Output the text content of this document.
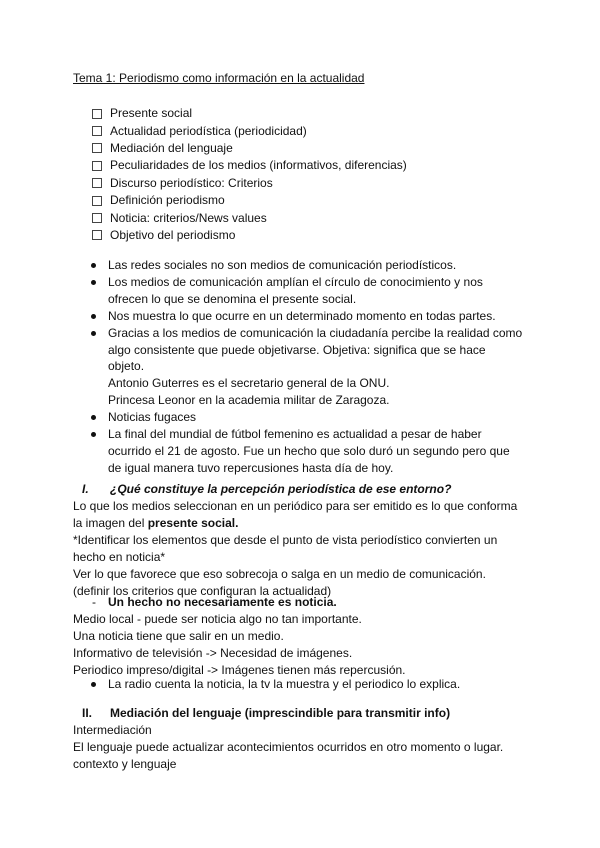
Tema 1: Periodismo como información en la actualidad
Presente social
Actualidad periodística (periodicidad)
Mediación del lenguaje
Peculiaridades de los medios (informativos, diferencias)
Discurso periodístico: Criterios
Definición periodismo
Noticia: criterios/News values
Objetivo del periodismo
Las redes sociales no son medios de comunicación periodísticos.
Los medios de comunicación amplían el círculo de conocimiento y nos
ofrecen lo que se denomina el presente social.
Nos muestra lo que ocurre en un determinado momento en todas partes.
Gracias a los medios de comunicación la ciudadanía percibe la realidad como
algo consistente que puede objetivarse. Objetiva: significa que se hace
objeto.
Antonio Guterres es el secretario general de la ONU.
Princesa Leonor en la academia militar de Zaragoza.
Noticias fugaces
La final del mundial de fútbol femenino es actualidad a pesar de haber
ocurrido el 21 de agosto. Fue un hecho que solo duró un segundo pero que
de igual manera tuvo repercusiones hasta día de hoy.
I. ¿Qué constituye la percepción periodística de ese entorno?
Lo que los medios seleccionan en un periódico para ser emitido es lo que conforma
la imagen del presente social.
*Identificar los elementos que desde el punto de vista periodístico convierten un
hecho en noticia*
Ver lo que favorece que eso sobrecoja o salga en un medio de comunicación.
(definir los criterios que configuran la actualidad)
- Un hecho no necesariamente es noticia.
Medio local - puede ser noticia algo no tan importante.
Una noticia tiene que salir en un medio.
Informativo de televisión -> Necesidad de imágenes.
Periodico impreso/digital -> Imágenes tienen más repercusión.
La radio cuenta la noticia, la tv la muestra y el periodico lo explica.
II. Mediación del lenguaje (imprescindible para transmitir info)
Intermediación
El lenguaje puede actualizar acontecimientos ocurridos en otro momento o lugar.
contexto y lenguaje
